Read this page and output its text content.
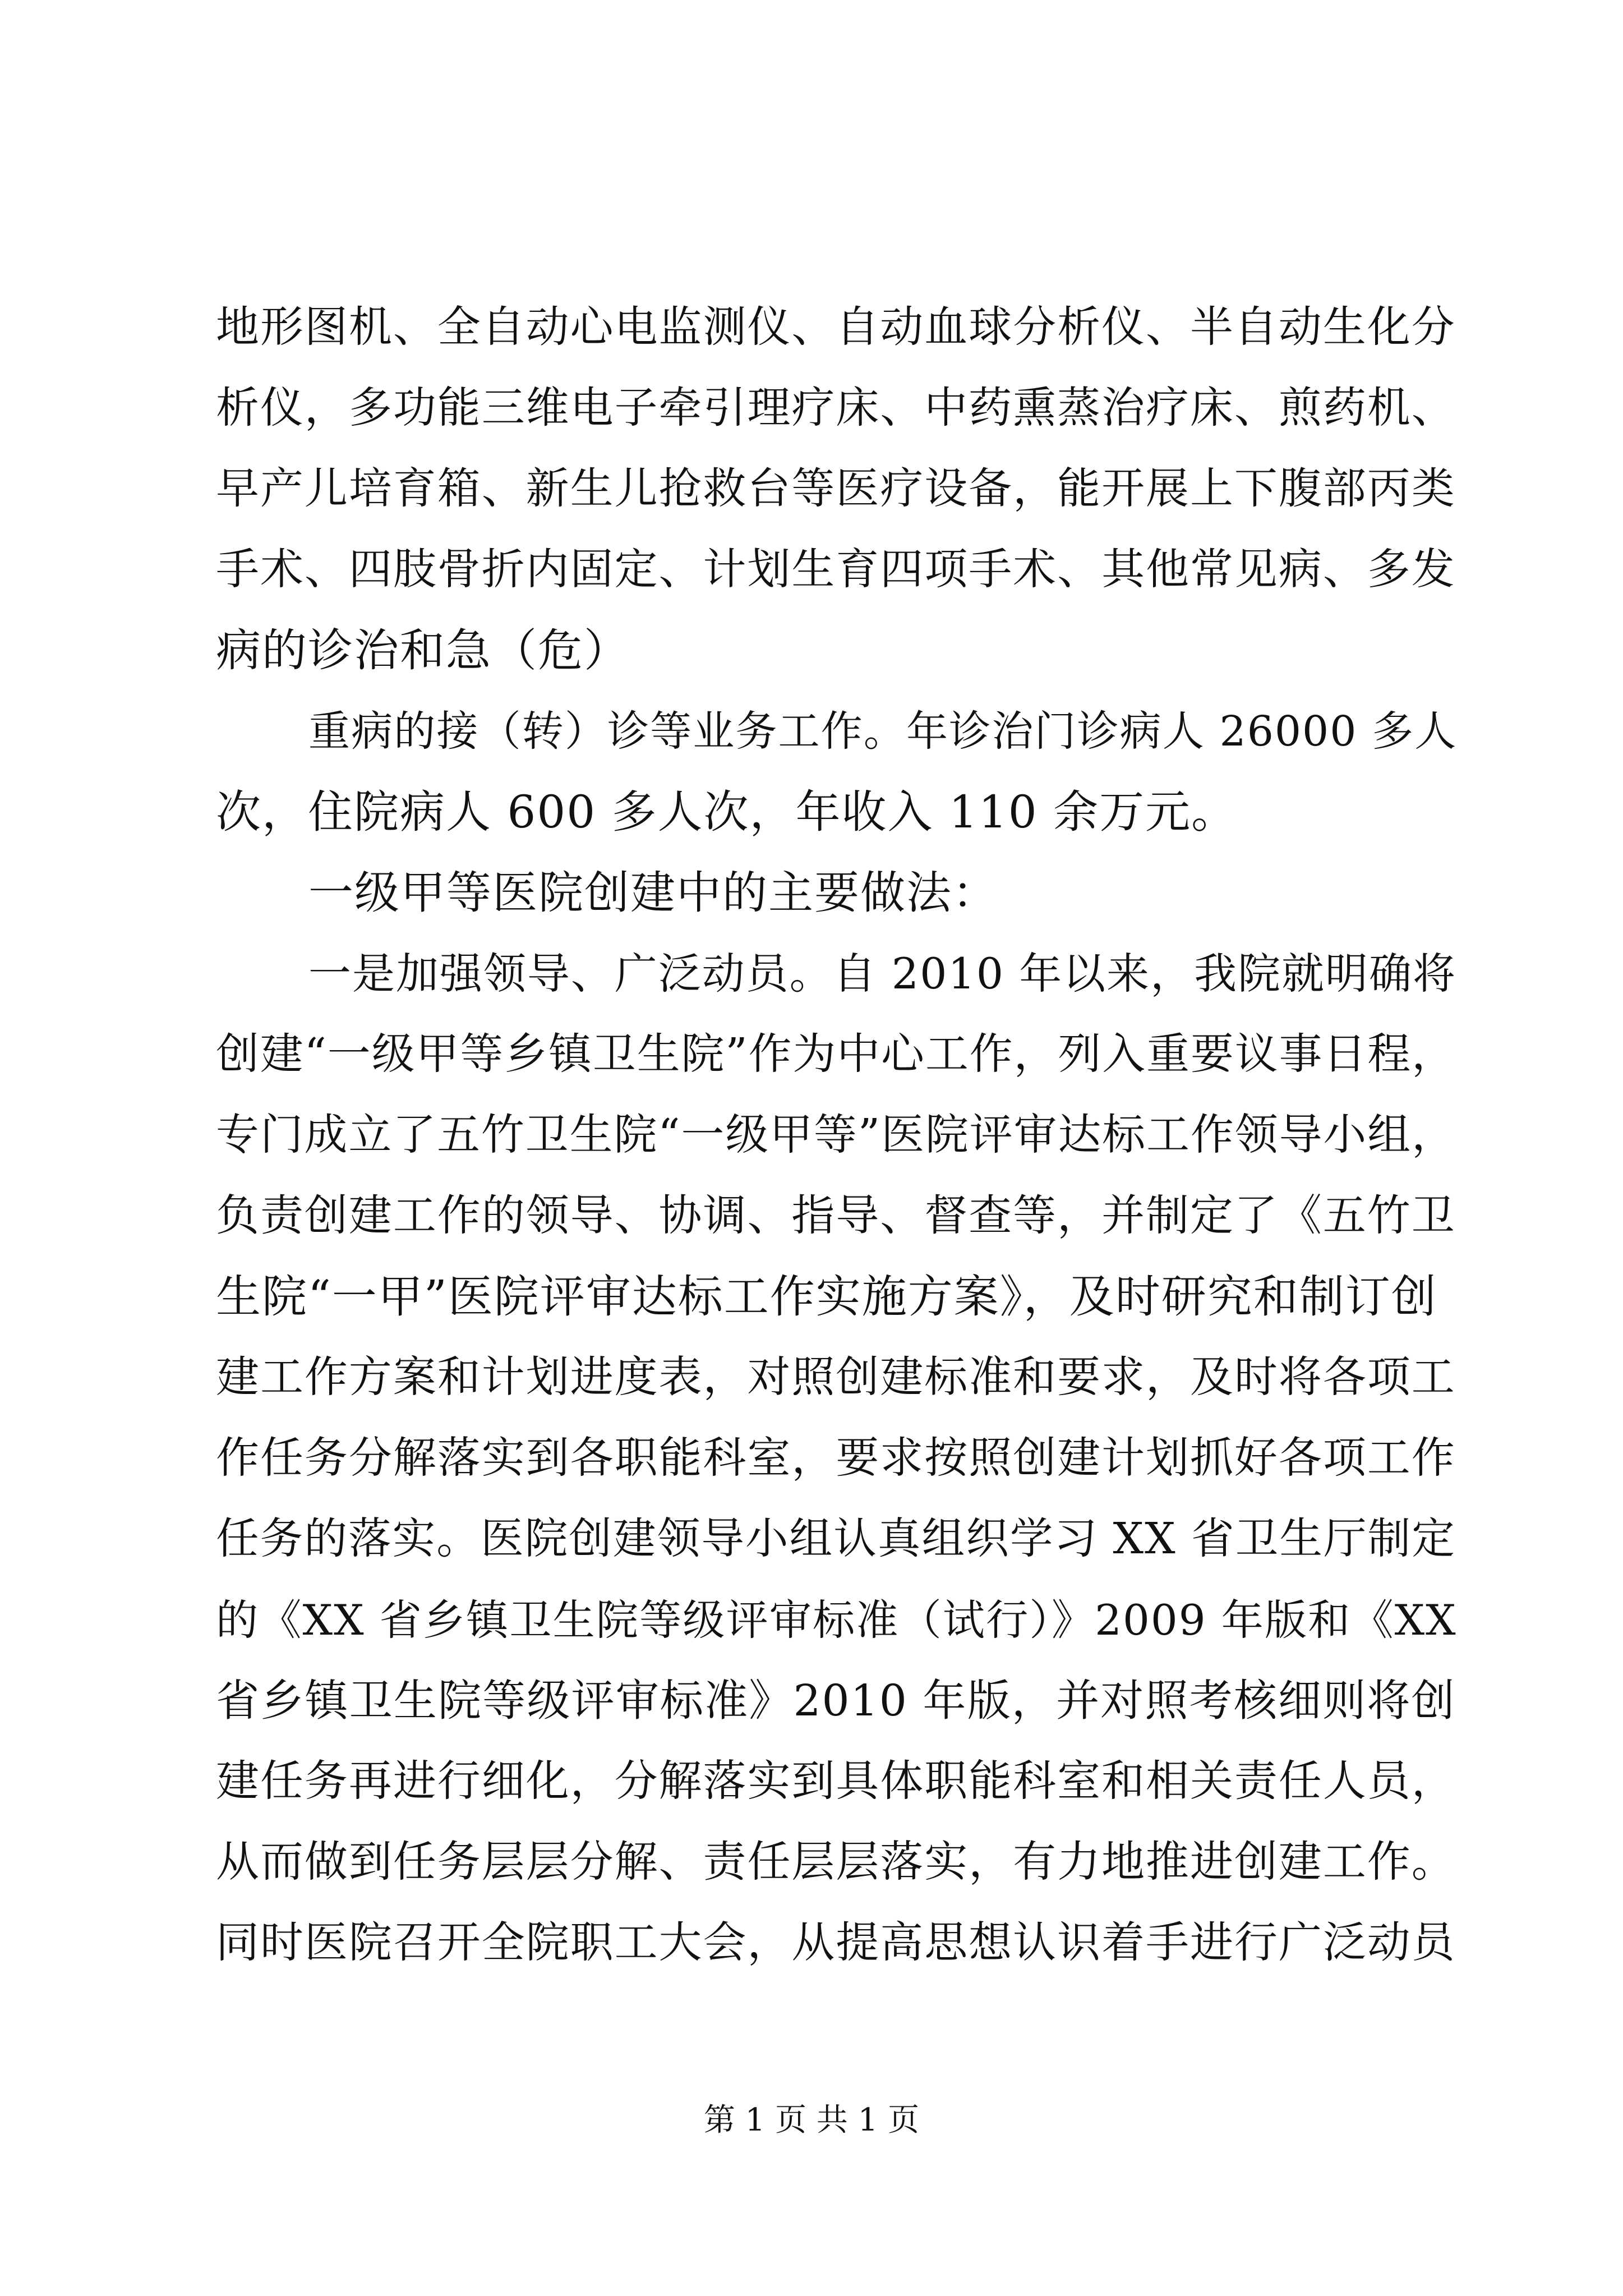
地形图机、全自动心电监测仪、自动血球分析仪、半自动生化分
析仪，多功能三维电子牵引理疗床、中药熏蒸治疗床、煎药机、
早产儿培育箱、新生儿抢救台等医疗设备，能开展上下腹部丙类
手术、四肢骨折内固定、计划生育四项手术、其他常见病、多发
病的诊治和急（危）
重病的接（转）诊等业务工作。年诊治门诊病人 26000 多人
次，住院病人 600 多人次，年收入 110 余万元。
一级甲等医院创建中的主要做法：
一是加强领导、广泛动员。自 2010 年以来，我院就明确将
创建“一级甲等乡镇卫生院”作为中心工作，列入重要议事日程，
专门成立了五竹卫生院“一级甲等”医院评审达标工作领导小组，
负责创建工作的领导、协调、指导、督查等，并制定了《五竹卫
生院“一甲”医院评审达标工作实施方案》，及时研究和制订创
建工作方案和计划进度表，对照创建标准和要求，及时将各项工
作任务分解落实到各职能科室，要求按照创建计划抓好各项工作
任务的落实。医院创建领导小组认真组织学习 XX 省卫生厅制定
的《XX 省乡镇卫生院等级评审标准（试行）》2009 年版和《XX
省乡镇卫生院等级评审标准》2010 年版，并对照考核细则将创
建任务再进行细化，分解落实到具体职能科室和相关责任人员，
从而做到任务层层分解、责任层层落实，有力地推进创建工作。
同时医院召开全院职工大会，从提高思想认识着手进行广泛动员
第 1 页 共 1 页
